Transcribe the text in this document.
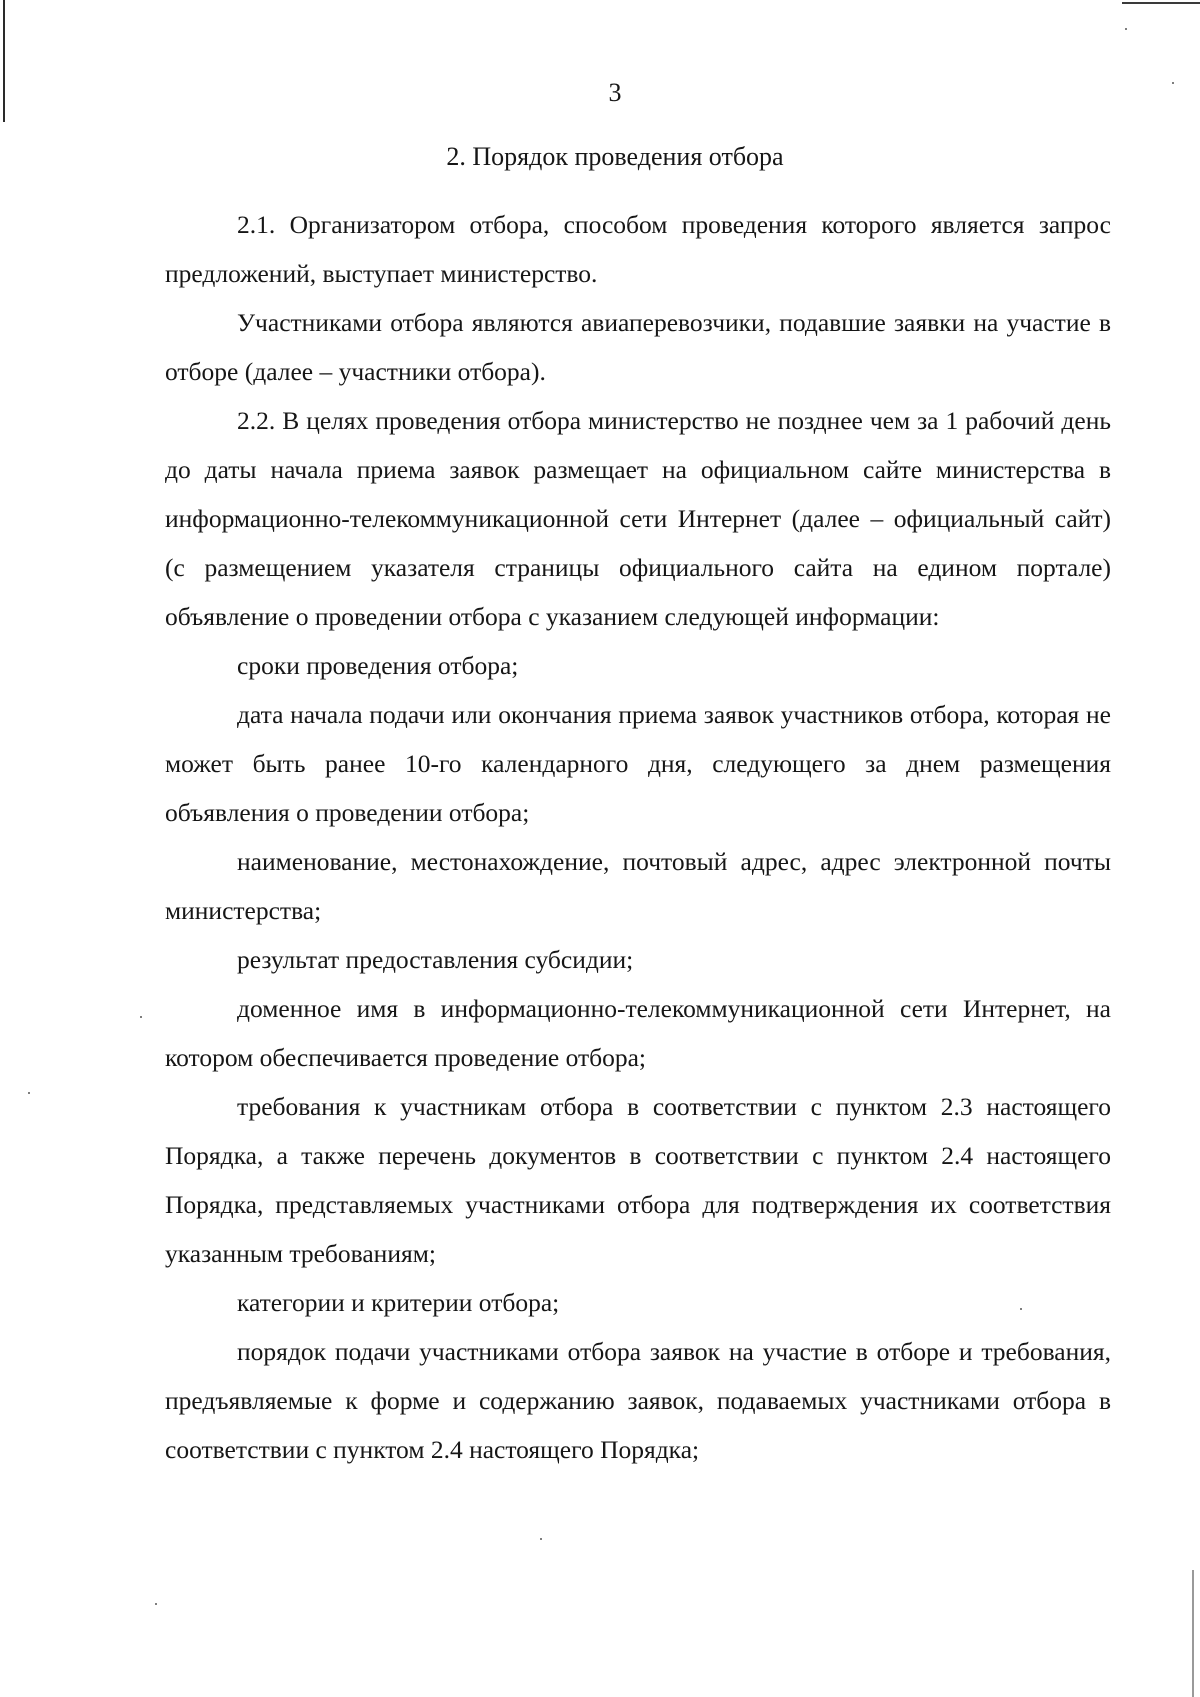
3
2. Порядок проведения отбора

2.1. Организатором отбора, способом проведения которого является запрос предложений, выступает министерство.

Участниками отбора являются авиаперевозчики, подавшие заявки на участие в отборе (далее – участники отбора).

2.2. В целях проведения отбора министерство не позднее чем за 1 рабочий день до даты начала приема заявок размещает на официальном сайте министерства в информационно-телекоммуникационной сети Интернет (далее – официальный сайт) (с размещением указателя страницы официального сайта на едином портале) объявление о проведении отбора с указанием следующей информации:

сроки проведения отбора;

дата начала подачи или окончания приема заявок участников отбора, которая не может быть ранее 10-го календарного дня, следующего за днем размещения объявления о проведении отбора;

наименование, местонахождение, почтовый адрес, адрес электронной почты министерства;

результат предоставления субсидии;

доменное имя в информационно-телекоммуникационной сети Интернет, на котором обеспечивается проведение отбора;

требования к участникам отбора в соответствии с пунктом 2.3 настоящего Порядка, а также перечень документов в соответствии с пунктом 2.4 настоящего Порядка, представляемых участниками отбора для подтверждения их соответствия указанным требованиям;

категории и критерии отбора;

порядок подачи участниками отбора заявок на участие в отборе и требования, предъявляемые к форме и содержанию заявок, подаваемых участниками отбора в соответствии с пунктом 2.4 настоящего Порядка;
